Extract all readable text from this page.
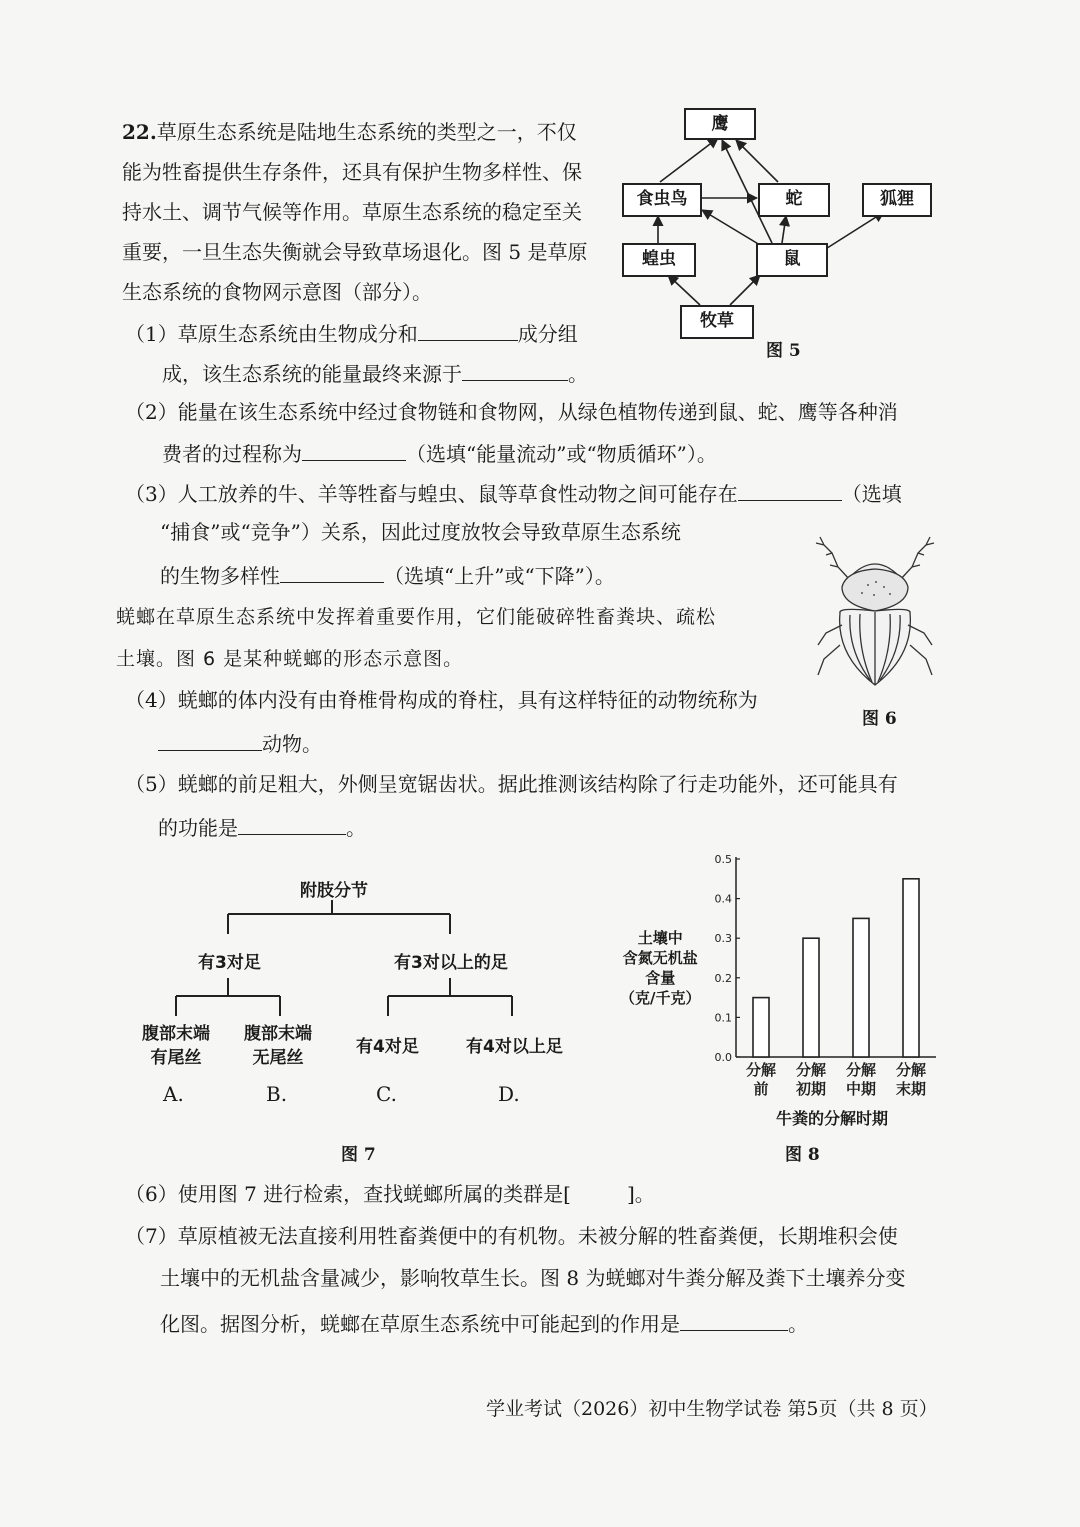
22.草原生态系统是陆地生态系统的类型之一，不仅
能为牲畜提供生存条件，还具有保护生物多样性、保
持水土、调节气候等作用。草原生态系统的稳定至关
重要，一旦生态失衡就会导致草场退化。图 5 是草原
生态系统的食物网示意图（部分）。
（1）草原生态系统由生物成分和	成分组
成，该生态系统的能量最终来源于	。
（2）能量在该生态系统中经过食物链和食物网，从绿色植物传递到鼠、蛇、鹰等各种消
费者的过程称为	（选填“能量流动”或“物质循环”）。
（3）人工放养的牛、羊等牲畜与蝗虫、鼠等草食性动物之间可能存在	（选填
“捕食”或“竞争”）关系，因此过度放牧会导致草原生态系统
的生物多样性	（选填“上升”或“下降”）。
蜣螂在草原生态系统中发挥着重要作用，它们能破碎牲畜粪块、疏松
土壤。图 6 是某种蜣螂的形态示意图。
（4）蜣螂的体内没有由脊椎骨构成的脊柱，具有这样特征的动物统称为
动物。
（5）蜣螂的前足粗大，外侧呈宽锯齿状。据此推测该结构除了行走功能外，还可能具有
的功能是	。
鹰
食虫鸟	蛇	狐狸
蝗虫	鼠
牧草
图 5
图 6
附肢分节
有3对足	有3对以上的足
腹部末端
有尾丝
腹部末端
无尾丝
有4对足	有4对以上足
A.	B.	C.	D.
图 7
土壤中
含氮无机盐
含量
（克/千克）
0.0
0.1
0.2
0.3
0.4
0.5
分解
前
分解
初期
分解
中期
分解
末期
牛粪的分解时期
图 8
（6）使用图 7 进行检索，查找蜣螂所属的类群是[	]。
（7）草原植被无法直接利用牲畜粪便中的有机物。未被分解的牲畜粪便，长期堆积会使
土壤中的无机盐含量减少，影响牧草生长。图 8 为蜣螂对牛粪分解及粪下土壤养分变
化图。据图分析，蜣螂在草原生态系统中可能起到的作用是	。
学业考试（2026）初中生物学试卷 第5页（共 8 页）
